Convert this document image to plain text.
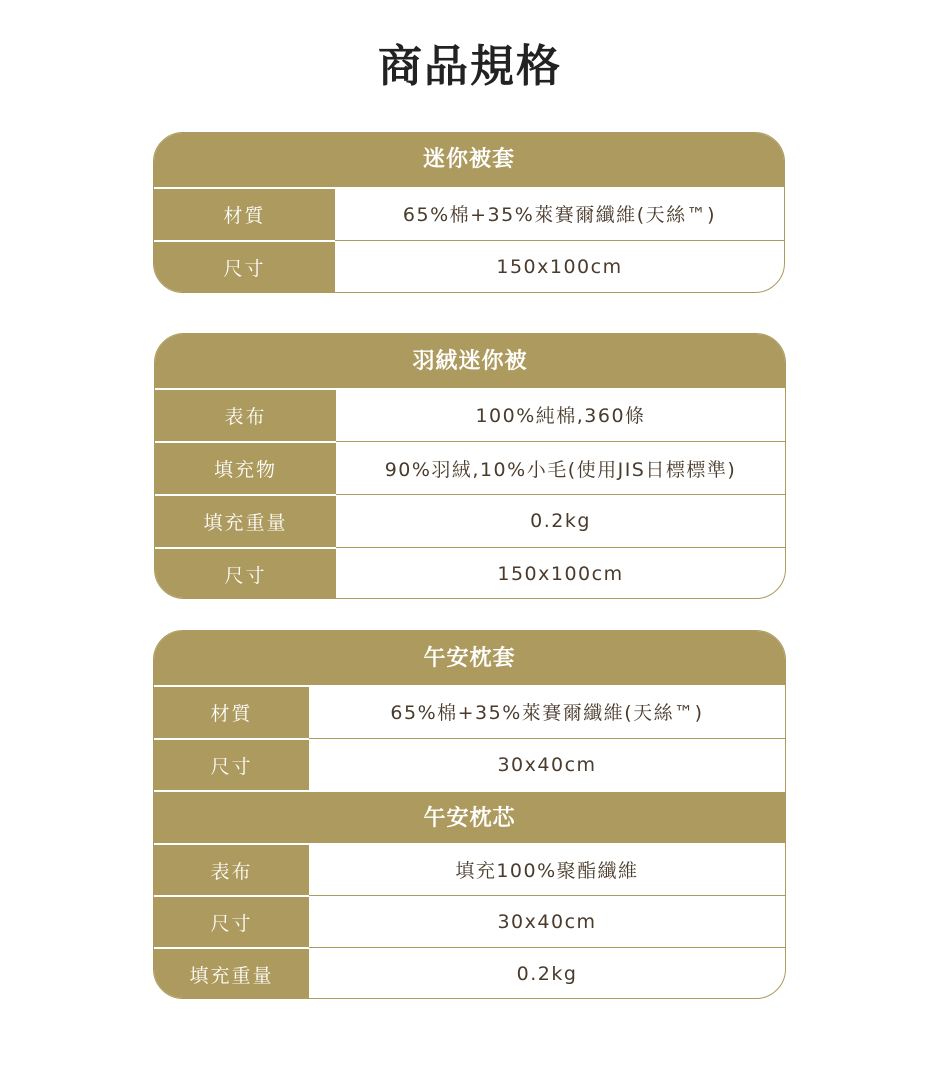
商品規格
迷你被套
材質	65%棉+35%萊賽爾纖維(天絲™)
尺寸	150x100cm
羽絨迷你被
表布	100%純棉,360條
填充物	90%羽絨,10%小毛(使用JIS日標標準)
填充重量	0.2kg
尺寸	150x100cm
午安枕套
材質	65%棉+35%萊賽爾纖維(天絲™)
尺寸	30x40cm
午安枕芯
表布	填充100%聚酯纖維
尺寸	30x40cm
填充重量	0.2kg
